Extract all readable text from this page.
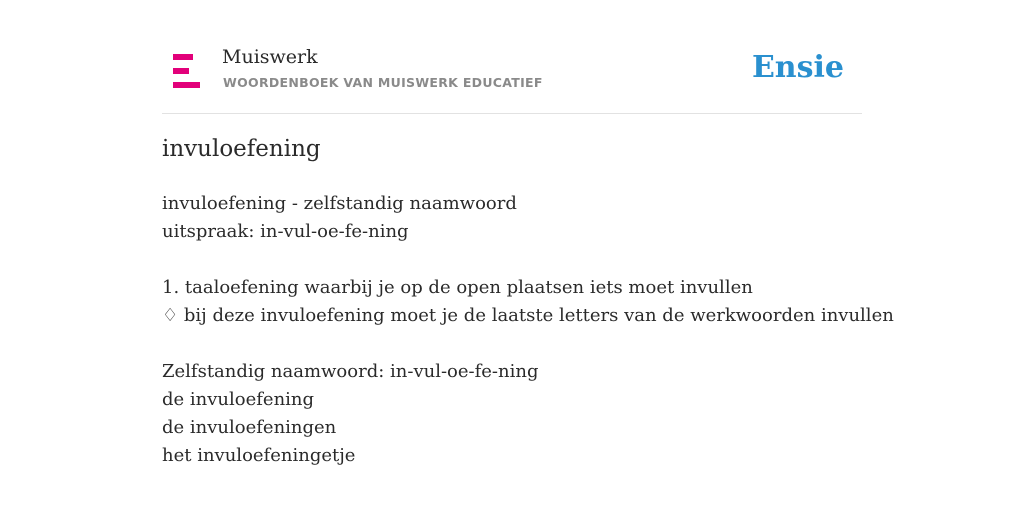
Muiswerk
WOORDENBOEK VAN MUISWERK EDUCATIEF	Ensie
invuloefening
invuloefening - zelfstandig naamwoord
uitspraak: in-vul-oe-fe-ning
1. taaloefening waarbij je op de open plaatsen iets moet invullen
♢ bij deze invuloefening moet je de laatste letters van de werkwoorden invullen
Zelfstandig naamwoord: in-vul-oe-fe-ning
de invuloefening
de invuloefeningen
het invuloefeningetje
